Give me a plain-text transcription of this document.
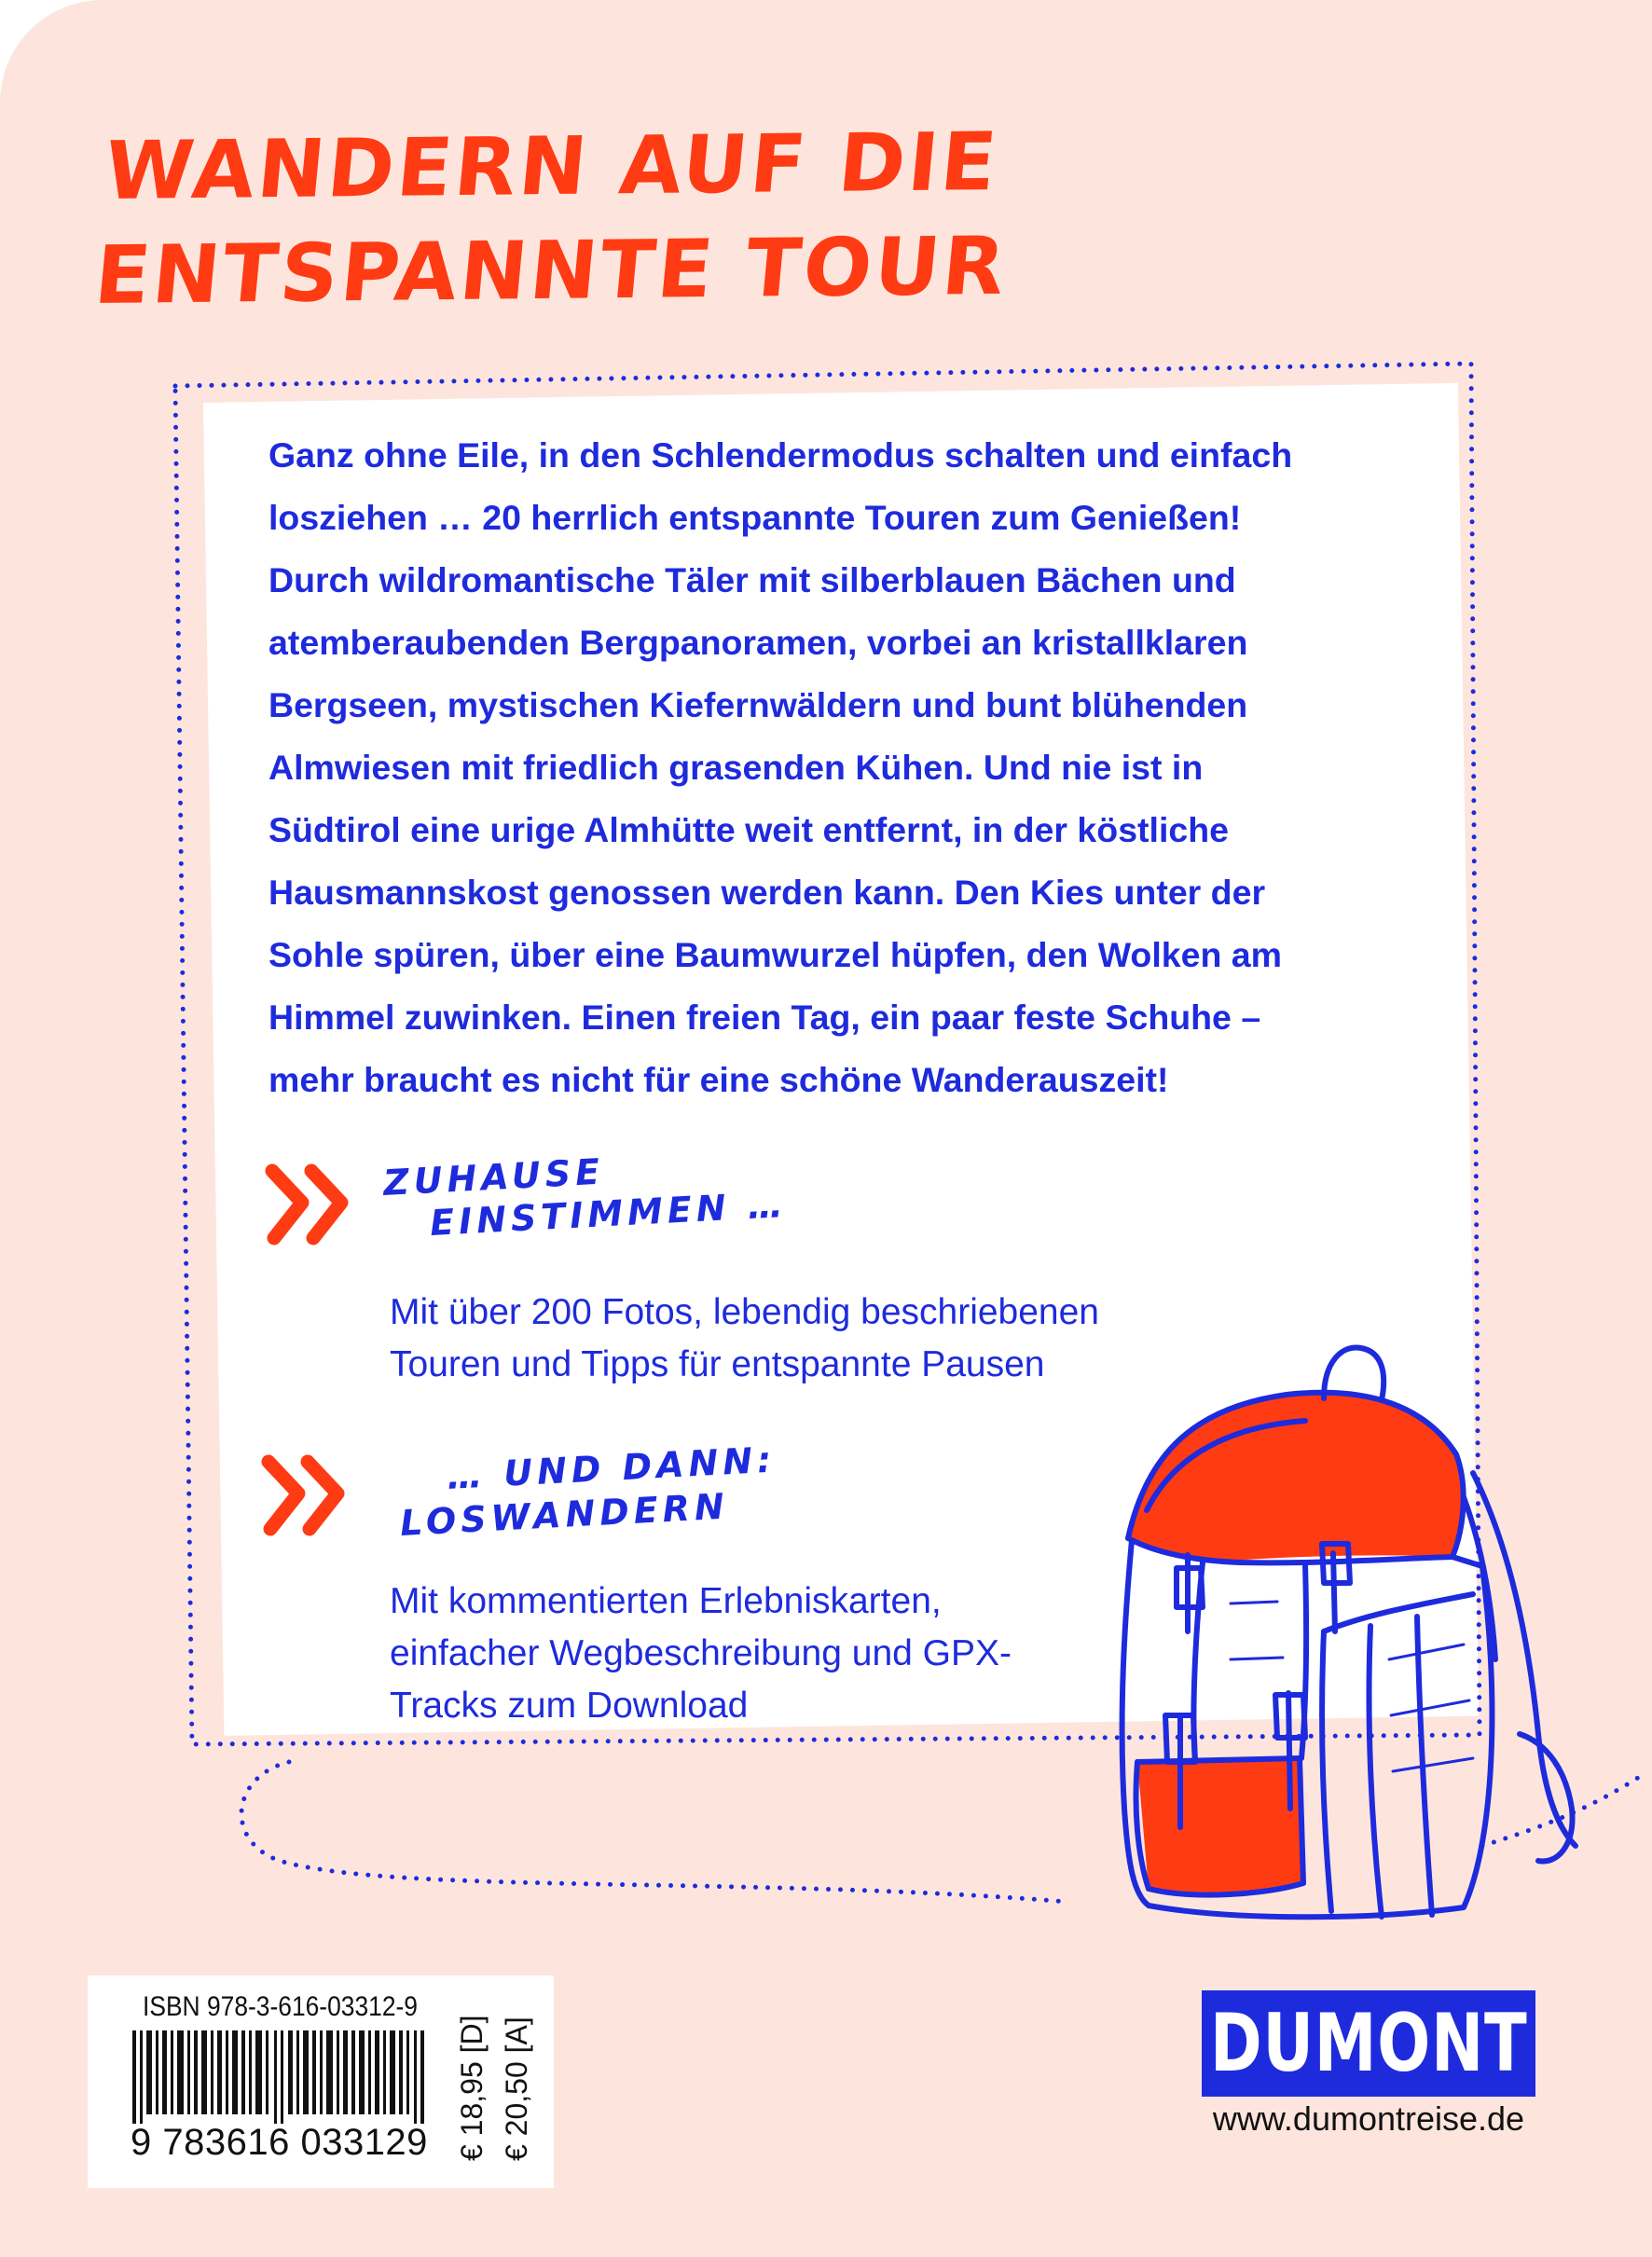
WANDERN AUF DIE
ENTSPANNTE TOUR

Ganz ohne Eile, in den Schlendermodus schalten und einfach
losziehen … 20 herrlich entspannte Touren zum Genießen!
Durch wildromantische Täler mit silberblauen Bächen und
atemberaubenden Bergpanoramen, vorbei an kristallklaren
Bergseen, mystischen Kiefernwäldern und bunt blühenden
Almwiesen mit friedlich grasenden Kühen. Und nie ist in
Südtirol eine urige Almhütte weit entfernt, in der köstliche
Hausmannskost genossen werden kann. Den Kies unter der
Sohle spüren, über eine Baumwurzel hüpfen, den Wolken am
Himmel zuwinken. Einen freien Tag, ein paar feste Schuhe –
mehr braucht es nicht für eine schöne Wanderauszeit!

ZUHAUSE
EINSTIMMEN …

Mit über 200 Fotos, lebendig beschriebenen
Touren und Tipps für entspannte Pausen

… UND DANN:
LOSWANDERN

Mit kommentierten Erlebniskarten,
einfacher Wegbeschreibung und GPX-
Tracks zum Download

ISBN 978-3-616-03312-9

9 783616 033129 € 18,95 [D] € 20,50 [A]	DUMONT

www.dumontreise.de
